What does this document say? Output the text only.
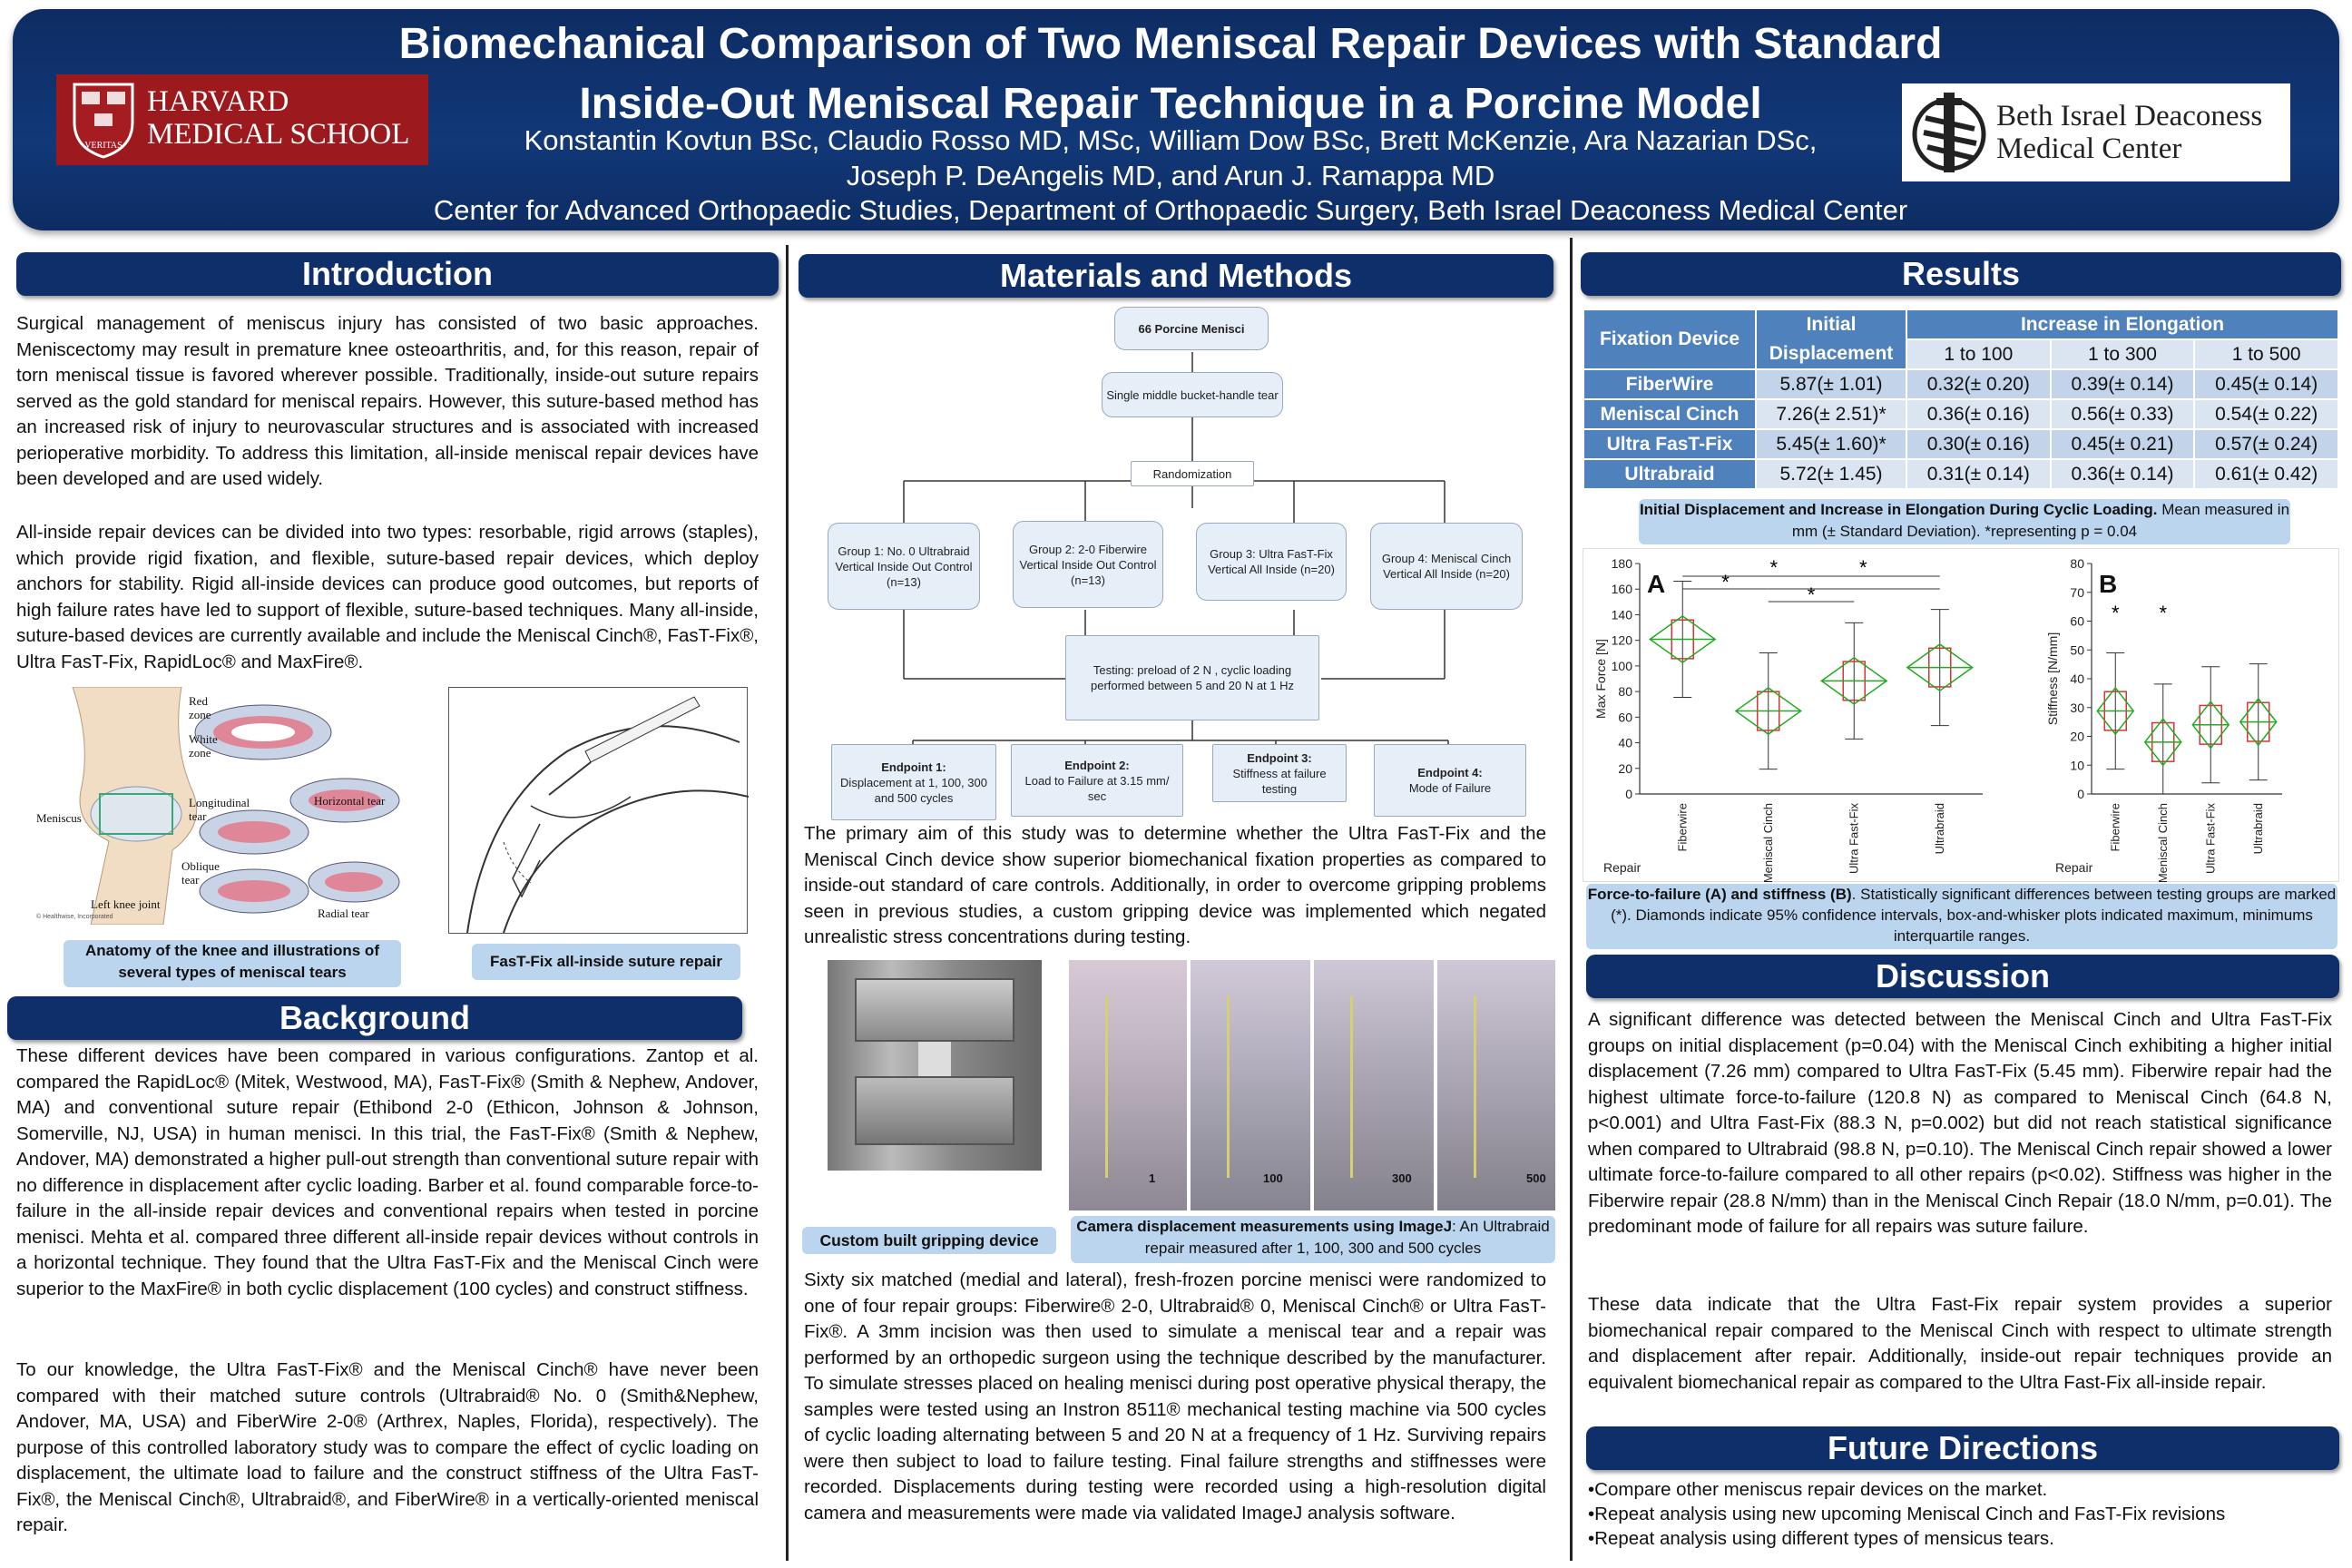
Biomechanical Comparison of Two Meniscal Repair Devices with Standard
Inside-Out Meniscal Repair Technique in a Porcine Model
Konstantin Kovtun BSc, Claudio Rosso MD, MSc, William Dow BSc, Brett McKenzie, Ara Nazarian DSc,
Joseph P. DeAngelis MD, and Arun J. Ramappa MD
Center for Advanced Orthopaedic Studies, Department of Orthopaedic Surgery, Beth Israel Deaconess Medical Center
VERITAS
HARVARD
MEDICAL SCHOOL
Beth Israel Deaconess
Medical Center
Introduction
Surgical management of meniscus injury has consisted of two basic approaches. Meniscectomy may result in premature knee osteoarthritis, and, for this reason, repair of torn meniscal tissue is favored wherever possible. Traditionally, inside-out suture repairs served as the gold standard for meniscal repairs. However, this suture-based method has an increased risk of injury to neurovascular structures and is associated with increased perioperative morbidity. To address this limitation, all-inside meniscal repair devices have been developed and are used widely.
All-inside repair devices can be divided into two types: resorbable, rigid arrows (staples), which provide rigid fixation, and flexible, suture-based repair devices, which deploy anchors for stability. Rigid all-inside devices can produce good outcomes, but reports of high failure rates have led to support of flexible, suture-based techniques. Many all-inside, suture-based devices are currently available and include the Meniscal Cinch®, FasT-Fix®, Ultra FasT-Fix, RapidLoc® and MaxFire®.
Red zone
White zone
Horizontal tear
Longitudinal tear
Meniscus
Oblique tear
Left knee joint
Radial tear
© Healthwise, Incorporated
Anatomy of the knee and illustrations of several types of meniscal tears
FasT-Fix all-inside suture repair
Background
These different devices have been compared in various configurations. Zantop et al. compared the RapidLoc® (Mitek, Westwood, MA), FasT-Fix® (Smith & Nephew, Andover, MA) and conventional suture repair (Ethibond 2-0 (Ethicon, Johnson & Johnson, Somerville, NJ, USA) in human menisci. In this trial, the FasT-Fix® (Smith & Nephew, Andover, MA) demonstrated a higher pull-out strength than conventional suture repair with no difference in displacement after cyclic loading. Barber et al. found comparable force-to-failure in the all-inside repair devices and conventional repairs when tested in porcine menisci. Mehta et al. compared three different all-inside repair devices without controls in a horizontal technique. They found that the Ultra FasT-Fix and the Meniscal Cinch were superior to the MaxFire® in both cyclic displacement (100 cycles) and construct stiffness.
To our knowledge, the Ultra FasT-Fix® and the Meniscal Cinch® have never been compared with their matched suture controls (Ultrabraid® No. 0 (Smith&Nephew, Andover, MA, USA) and FiberWire 2-0® (Arthrex, Naples, Florida), respectively). The purpose of this controlled laboratory study was to compare the effect of cyclic loading on displacement, the ultimate load to failure and the construct stiffness of the Ultra FasT-Fix®, the Meniscal Cinch®, Ultrabraid®, and FiberWire® in a vertically-oriented meniscal repair.
Materials and Methods
66 Porcine Menisci
Single middle bucket-handle tear
Randomization
Group 1: No. 0 Ultrabraid Vertical Inside Out Control (n=13)
Group 2: 2-0 Fiberwire Vertical Inside Out Control (n=13)
Group 3: Ultra FasT-Fix Vertical All Inside (n=20)
Group 4: Meniscal Cinch Vertical All Inside (n=20)
Testing: preload of 2 N , cyclic loading performed between 5 and 20 N at 1 Hz
Endpoint 1:
Displacement at 1, 100, 300 and 500 cycles
Endpoint 2:
Load to Failure at 3.15 mm/ sec
Endpoint 3:
Stiffness at failure testing
Endpoint 4:
Mode of Failure
The primary aim of this study was to determine whether the Ultra FasT-Fix and the Meniscal Cinch device show superior biomechanical fixation properties as compared to inside-out standard of care controls. Additionally, in order to overcome gripping problems seen in previous studies, a custom gripping device was implemented which negated unrealistic stress concentrations during testing.
Custom built gripping device
1	100	300	500
Camera displacement measurements using ImageJ: An Ultrabraid repair measured after 1, 100, 300 and 500 cycles
Sixty six matched (medial and lateral), fresh-frozen porcine menisci were randomized to one of four repair groups: Fiberwire® 2-0, Ultrabraid® 0, Meniscal Cinch® or Ultra FasT-Fix®. A 3mm incision was then used to simulate a meniscal tear and a repair was performed by an orthopedic surgeon using the technique described by the manufacturer. To simulate stresses placed on healing menisci during post operative physical therapy, the samples were tested using an Instron 8511® mechanical testing machine via 500 cycles of cyclic loading alternating between 5 and 20 N at a frequency of 1 Hz. Surviving repairs were then subject to load to failure testing. Final failure strengths and stiffnesses were recorded. Displacements during testing were recorded using a high-resolution digital camera and measurements were made via validated ImageJ analysis software.
Results
Fixation Device	Initial	Increase in Elongation		
	Displacement	1 to 100	1 to 300	1 to 500
FiberWire	5.87(± 1.01)	0.32(± 0.20)	0.39(± 0.14)	0.45(± 0.14)
Meniscal Cinch	7.26(± 2.51)*	0.36(± 0.16)	0.56(± 0.33)	0.54(± 0.22)
Ultra FasT-Fix	5.45(± 1.60)*	0.30(± 0.16)	0.45(± 0.21)	0.57(± 0.24)
Ultrabraid	5.72(± 1.45)	0.31(± 0.14)	0.36(± 0.14)	0.61(± 0.42)
Initial Displacement and Increase in Elongation During Cyclic Loading. Mean measured in mm (± Standard Deviation). *representing p = 0.04
0
20
40
60
80
100
120
140
160
180
Max Force [N]
Repair
A
Fiberwire	Meniscal Cinch	Ultra Fast-Fix	Ultrabraid
*	*
*
*
0
10
20
30
40
50
60
70
80
Stiffness [N/mm]
Repair
B
Fiberwire	Meniscal Cinch	Ultra Fast-Fix	Ultrabraid
* *
Force-to-failure (A) and stiffness (B). Statistically significant differences between testing groups are marked (*). Diamonds indicate 95% confidence intervals, box-and-whisker plots indicated maximum, minimums interquartile ranges.
Discussion
A significant difference was detected between the Meniscal Cinch and Ultra FasT-Fix groups on initial displacement (p=0.04) with the Meniscal Cinch exhibiting a higher initial displacement (7.26 mm) compared to Ultra FasT-Fix (5.45 mm). Fiberwire repair had the highest ultimate force-to-failure (120.8 N) as compared to Meniscal Cinch (64.8 N, p<0.001) and Ultra Fast-Fix (88.3 N, p=0.002) but did not reach statistical significance when compared to Ultrabraid (98.8 N, p=0.10). The Meniscal Cinch repair showed a lower ultimate force-to-failure compared to all other repairs (p<0.02). Stiffness was higher in the Fiberwire repair (28.8 N/mm) than in the Meniscal Cinch Repair (18.0 N/mm, p=0.01). The predominant mode of failure for all repairs was suture failure.
These data indicate that the Ultra Fast-Fix repair system provides a superior biomechanical repair compared to the Meniscal Cinch with respect to ultimate strength and displacement after repair. Additionally, inside-out repair techniques provide an equivalent biomechanical repair as compared to the Ultra Fast-Fix all-inside repair.
Future Directions
•Compare other meniscus repair devices on the market.
•Repeat analysis using new upcoming Meniscal Cinch and FasT-Fix revisions
•Repeat analysis using different types of mensicus tears.
